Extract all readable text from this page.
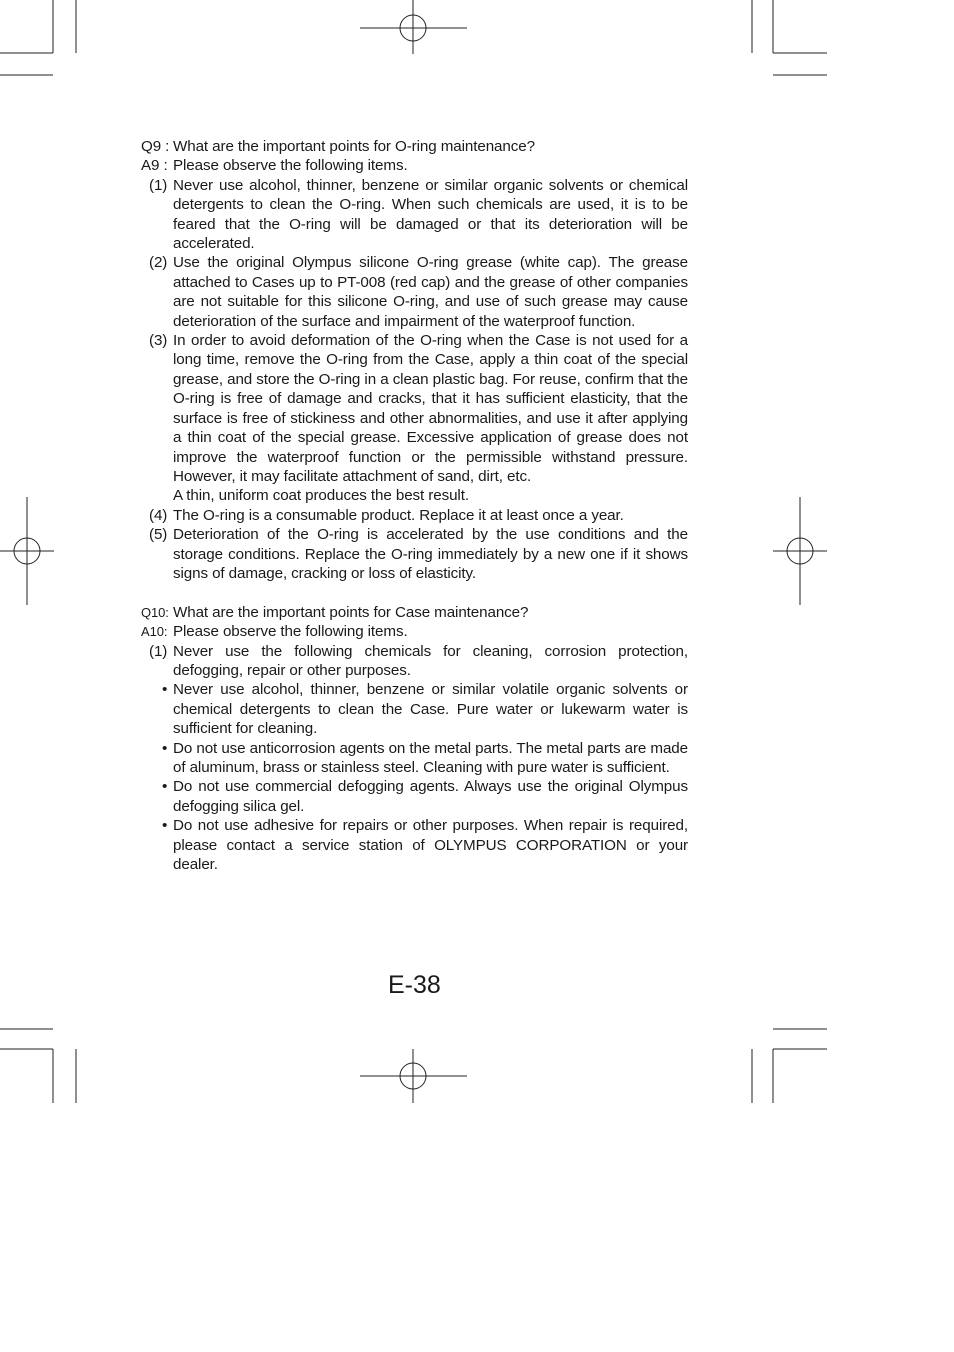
Q9 : What are the important points for O-ring maintenance?
A9 : Please observe the following items.
(1) Never use alcohol, thinner, benzene or similar organic solvents or chemical detergents to clean the O-ring. When such chemicals are used, it is to be feared that the O-ring will be damaged or that its deterioration will be accelerated.
(2) Use the original Olympus silicone O-ring grease (white cap). The grease attached to Cases up to PT-008 (red cap) and the grease of other companies are not suitable for this silicone O-ring, and use of such grease may cause deterioration of the surface and impairment of the waterproof function.
(3) In order to avoid deformation of the O-ring when the Case is not used for a long time, remove the O-ring from the Case, apply a thin coat of the special grease, and store the O-ring in a clean plastic bag. For reuse, confirm that the O-ring is free of damage and cracks, that it has sufficient elasticity, that the surface is free of stickiness and other abnormalities, and use it after applying a thin coat of the special grease. Excessive application of grease does not improve the waterproof function or the permissible withstand pressure. However, it may facilitate attachment of sand, dirt, etc.
A thin, uniform coat produces the best result.
(4) The O-ring is a consumable product. Replace it at least once a year.
(5) Deterioration of the O-ring is accelerated by the use conditions and the storage conditions. Replace the O-ring immediately by a new one if it shows signs of damage, cracking or loss of elasticity.
Q10: What are the important points for Case maintenance?
A10: Please observe the following items.
(1) Never use the following chemicals for cleaning, corrosion protection, defogging, repair or other purposes.
• Never use alcohol, thinner, benzene or similar volatile organic solvents or chemical detergents to clean the Case. Pure water or lukewarm water is sufficient for cleaning.
• Do not use anticorrosion agents on the metal parts. The metal parts are made of aluminum, brass or stainless steel. Cleaning with pure water is sufficient.
• Do not use commercial defogging agents. Always use the original Olympus defogging silica gel.
• Do not use adhesive for repairs or other purposes. When repair is required, please contact a service station of OLYMPUS CORPORATION or your dealer.
E-38
